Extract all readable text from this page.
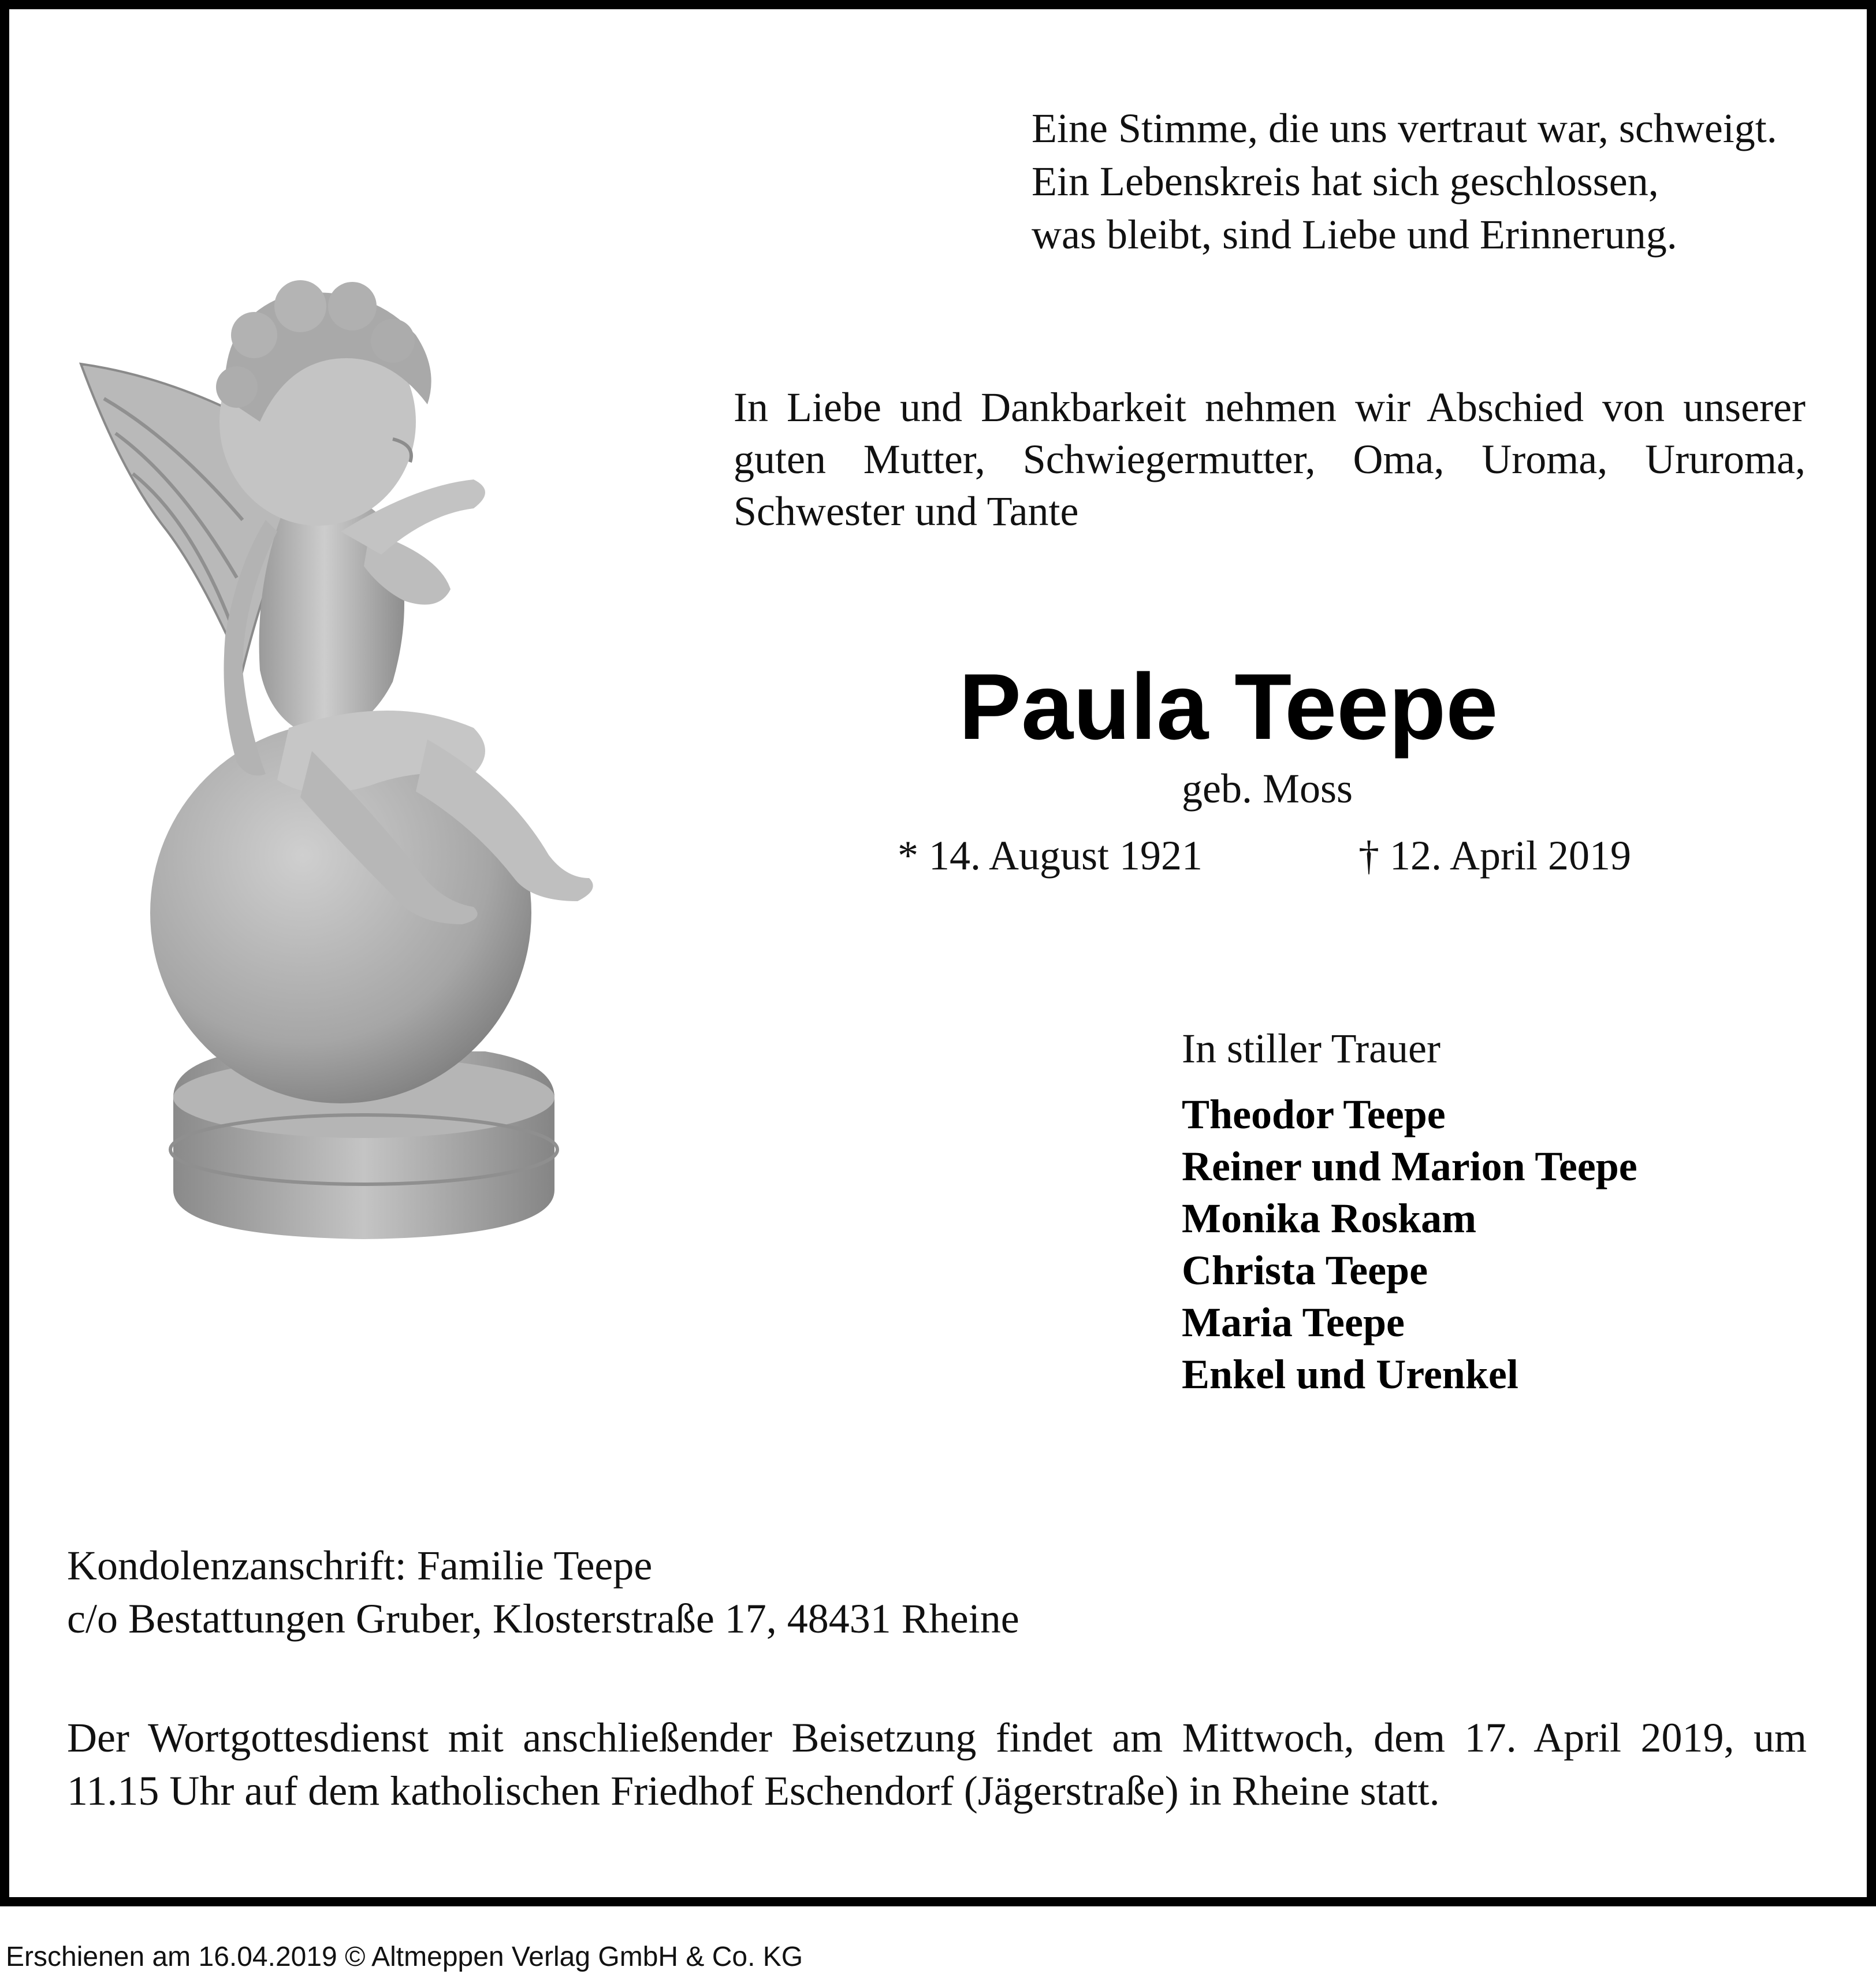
Eine Stimme, die uns vertraut war, schweigt.
Ein Lebenskreis hat sich geschlossen,
was bleibt, sind Liebe und Erinnerung.
In Liebe und Dankbarkeit nehmen wir Abschied von unserer
guten Mutter, Schwiegermutter, Oma, Uroma, Ururoma,
Schwester und Tante
Paula Teepe
geb. Moss
* 14. August 1921	† 12. April 2019
In stiller Trauer
Theodor Teepe
Reiner und Marion Teepe
Monika Roskam
Christa Teepe
Maria Teepe
Enkel und Urenkel
Kondolenzanschrift: Familie Teepe
c/o Bestattungen Gruber, Klosterstraße 17, 48431 Rheine
Der Wortgottesdienst mit anschließender Beisetzung findet am Mittwoch, dem 17. April 2019, um
11.15 Uhr auf dem katholischen Friedhof Eschendorf (Jägerstraße) in Rheine statt.
Erschienen am 16.04.2019 © Altmeppen Verlag GmbH & Co. KG
